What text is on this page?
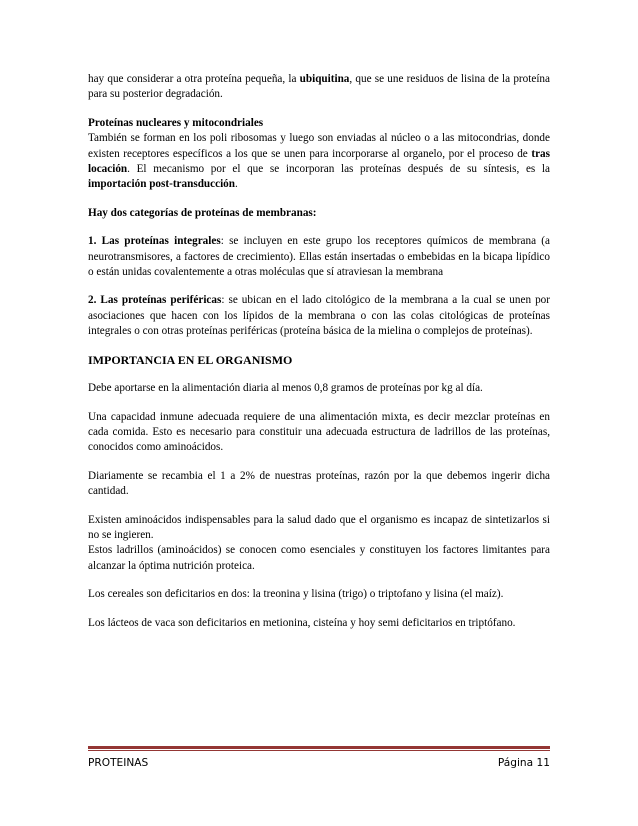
hay que considerar a otra proteína pequeña, la ubiquitina, que se une residuos de lisina de la proteína para su posterior degradación.

Proteínas nucleares y mitocondriales

También se forman en los poli ribosomas y luego son enviadas al núcleo o a las mitocondrias, donde existen receptores específicos a los que se unen para incorporarse al organelo, por el proceso de tras locación. El mecanismo por el que se incorporan las proteínas después de su síntesis, es la importación post-transducción.

Hay dos categorías de proteínas de membranas:

1. Las proteínas integrales: se incluyen en este grupo los receptores químicos de membrana (a neurotransmisores, a factores de crecimiento). Ellas están insertadas o embebidas en la bicapa lipídico o están unidas covalentemente a otras moléculas que sí atraviesan la membrana

2. Las proteínas periféricas: se ubican en el lado citológico de la membrana a la cual se unen por asociaciones que hacen con los lípidos de la membrana o con las colas citológicas de proteínas integrales o con otras proteínas periféricas (proteína básica de la mielina o complejos de proteínas).

IMPORTANCIA EN EL ORGANISMO

Debe aportarse en la alimentación diaria al menos 0,8 gramos de proteínas por kg al día.

Una capacidad inmune adecuada requiere de una alimentación mixta, es decir mezclar proteínas en cada comida. Esto es necesario para constituir una adecuada estructura de ladrillos de las proteínas, conocidos como aminoácidos.

Diariamente se recambia el 1 a 2% de nuestras proteínas, razón por la que debemos ingerir dicha cantidad.

Existen aminoácidos indispensables para la salud dado que el organismo es incapaz de sintetizarlos si no se ingieren.

Estos ladrillos (aminoácidos) se conocen como esenciales y constituyen los factores limitantes para alcanzar la óptima nutrición proteica.

Los cereales son deficitarios en dos: la treonina y lisina (trigo) o triptofano y lisina (el maíz).

Los lácteos de vaca son deficitarios en metionina, cisteína y hoy semi deficitarios en triptófano.

PROTEINAS	Página 11
